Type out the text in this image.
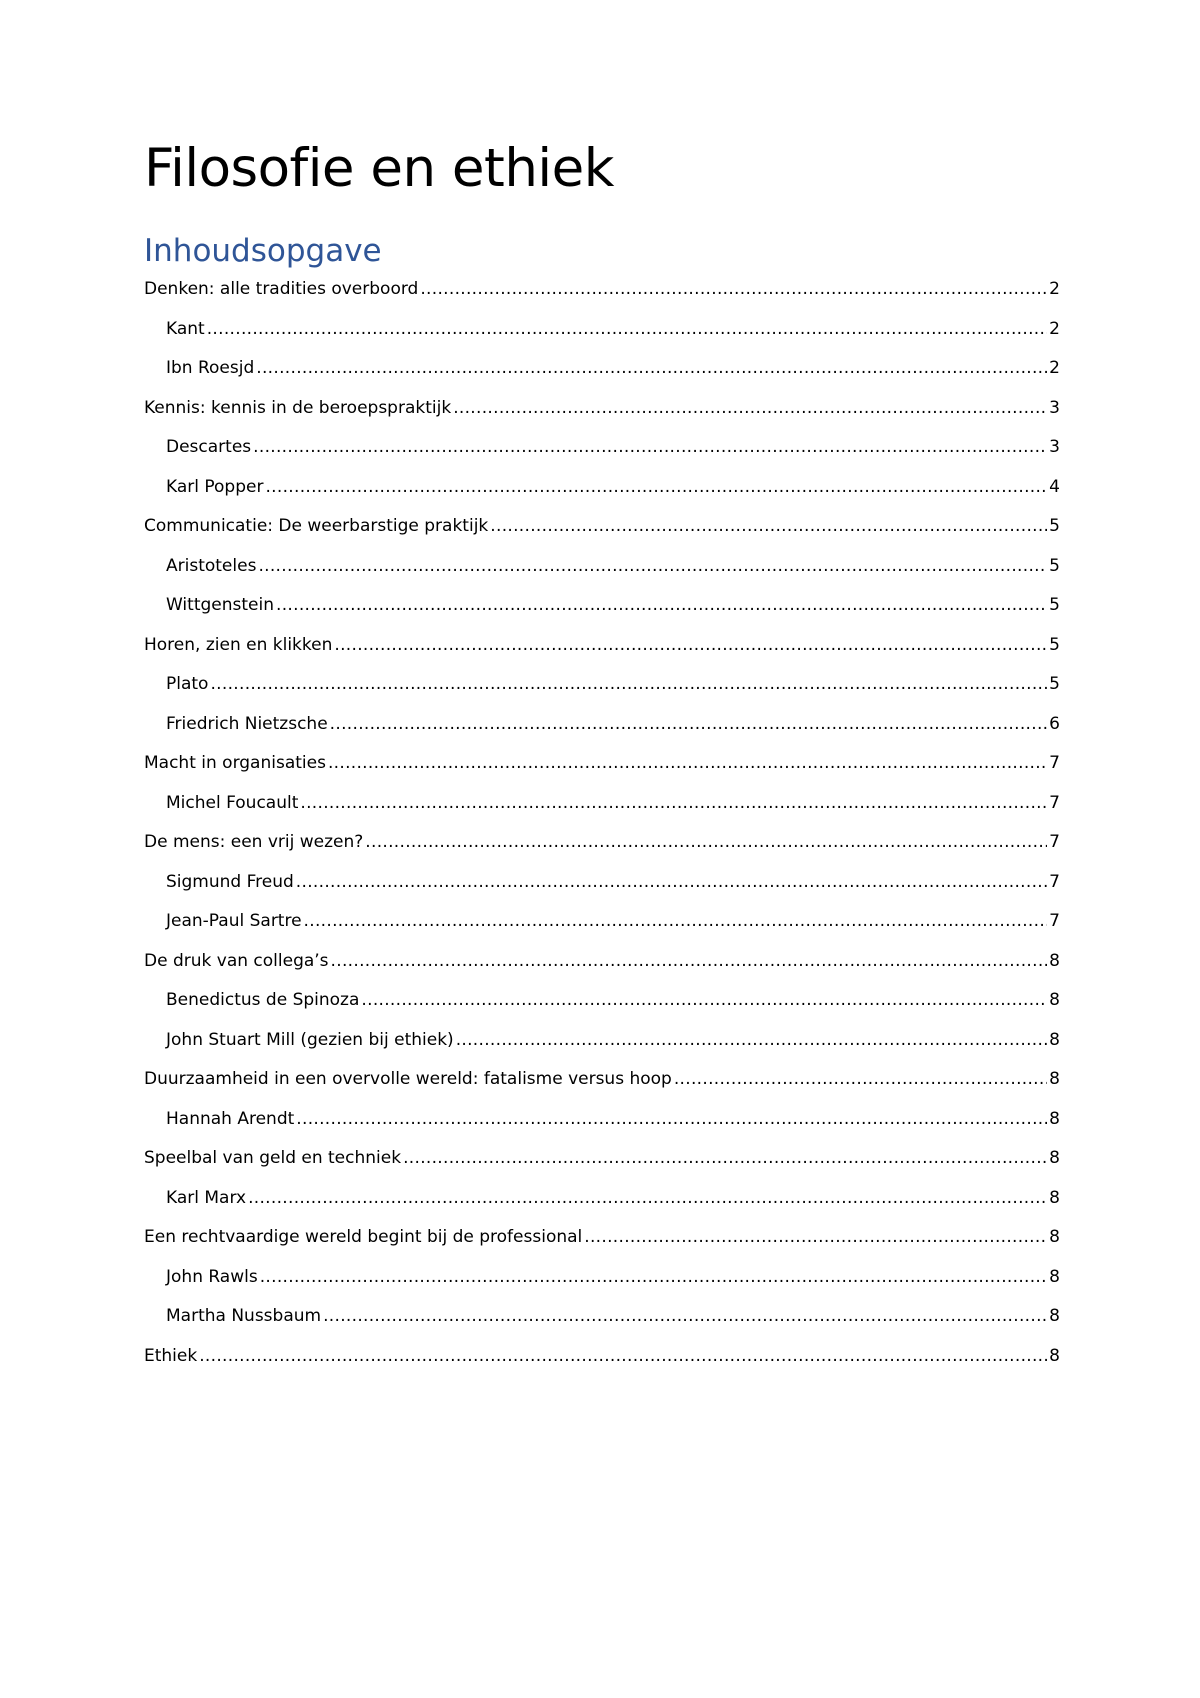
Filosofie en ethiek
Inhoudsopgave
Denken: alle tradities overboord .....	2
Kant .....	2
Ibn Roesjd .....	2
Kennis: kennis in de beroepspraktijk .....	3
Descartes .....	3
Karl Popper .....	4
Communicatie: De weerbarstige praktijk .....	5
Aristoteles .....	5
Wittgenstein .....	5
Horen, zien en klikken .....	5
Plato .....	5
Friedrich Nietzsche .....	6
Macht in organisaties .....	7
Michel Foucault .....	7
De mens: een vrij wezen? .....	7
Sigmund Freud .....	7
Jean-Paul Sartre .....	7
De druk van collega’s .....	8
Benedictus de Spinoza .....	8
John Stuart Mill (gezien bij ethiek) .....	8
Duurzaamheid in een overvolle wereld: fatalisme versus hoop .....	8
Hannah Arendt .....	8
Speelbal van geld en techniek .....	8
Karl Marx .....	8
Een rechtvaardige wereld begint bij de professional .....	8
John Rawls .....	8
Martha Nussbaum .....	8
Ethiek .....	8
